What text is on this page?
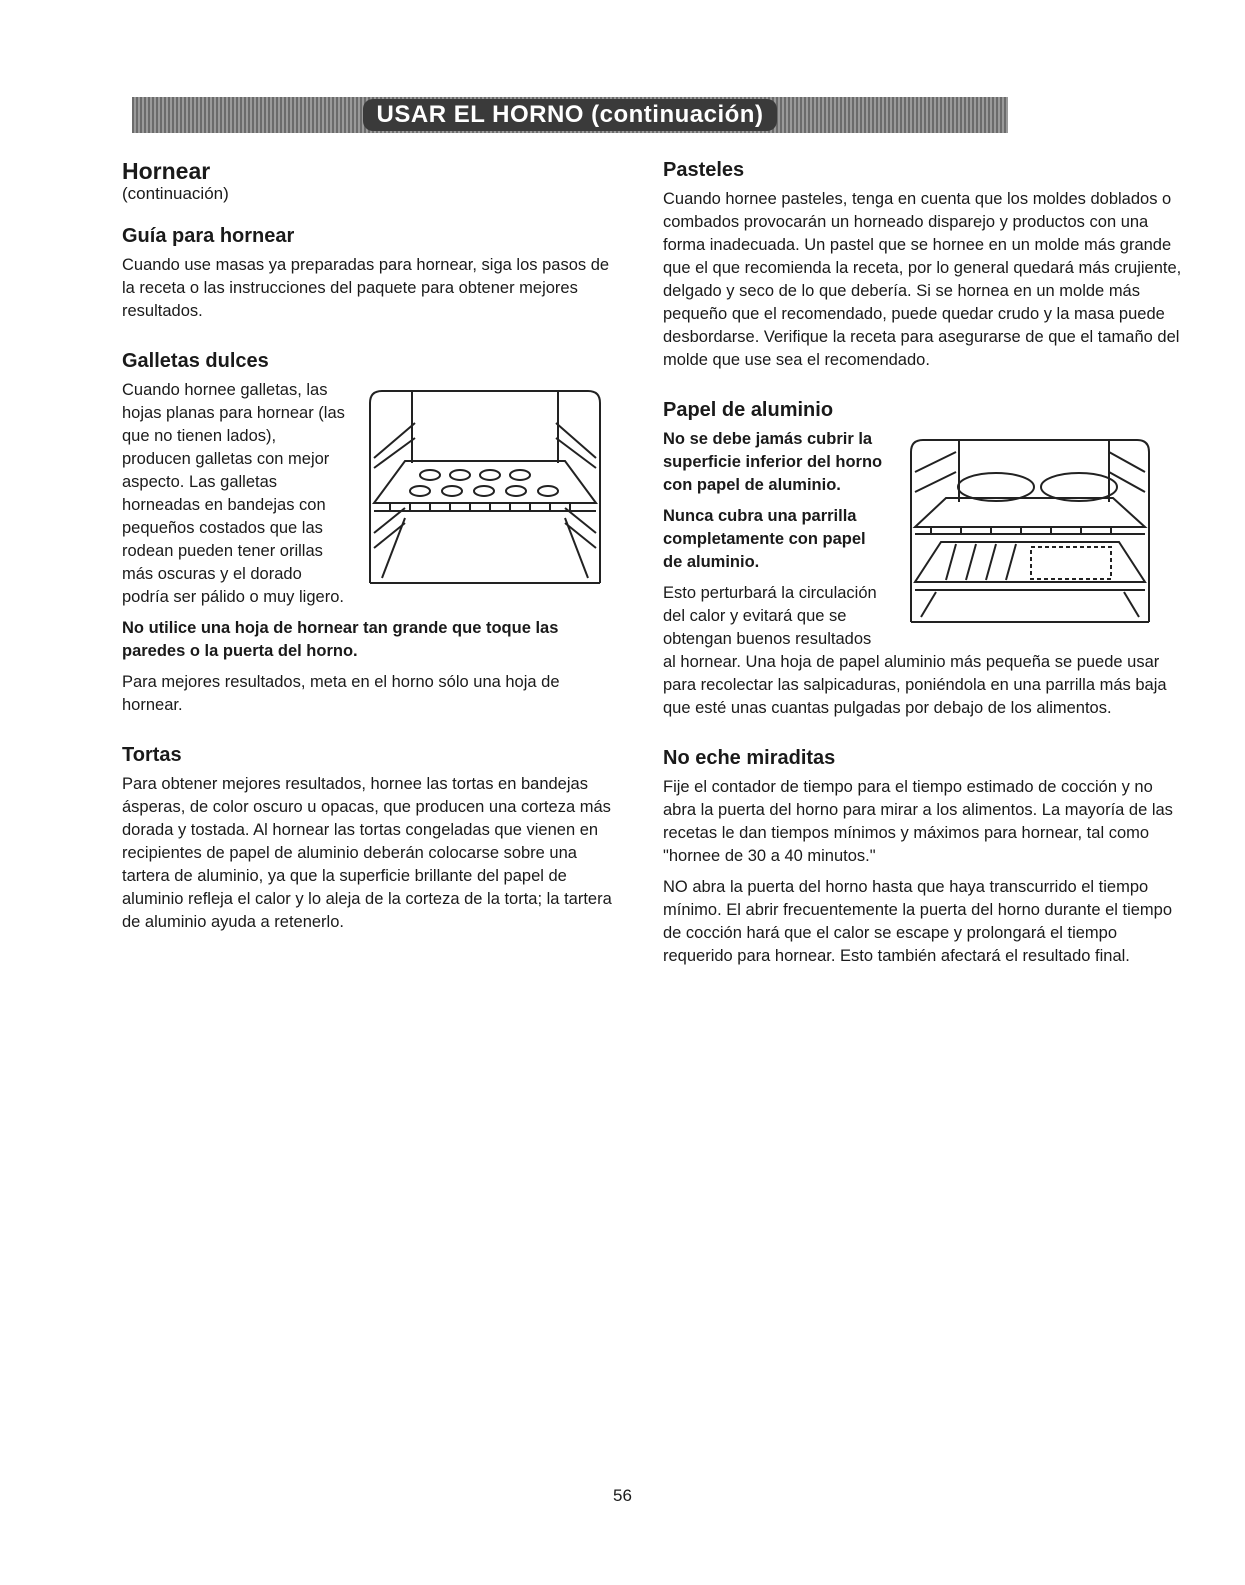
USAR EL HORNO (continuación)
Hornear
(continuación)
Guía para hornear

Cuando use masas ya preparadas para hornear, siga los pasos de la receta o las instrucciones del paquete para obtener mejores resultados.

Galletas dulces

Cuando hornee galletas, las hojas planas para hornear (las que no tienen lados), producen galletas con mejor aspecto. Las galletas horneadas en bandejas con pequeños costados que las rodean pueden tener orillas más oscuras y el dorado podría ser pálido o muy ligero.

No utilice una hoja de hornear tan grande que toque las paredes o la puerta del horno.

Para mejores resultados, meta en el horno sólo una hoja de hornear.

Tortas

Para obtener mejores resultados, hornee las tortas en bandejas ásperas, de color oscuro u opacas, que producen una corteza más dorada y tostada. Al hornear las tortas congeladas que vienen en recipientes de papel de aluminio deberán colocarse sobre una tartera de aluminio, ya que la superficie brillante del papel de aluminio refleja el calor y lo aleja de la corteza de la torta; la tartera de aluminio ayuda a retenerlo.

Pasteles

Cuando hornee pasteles, tenga en cuenta que los moldes doblados o combados provocarán un horneado disparejo y productos con una forma inadecuada. Un pastel que se hornee en un molde más grande que el que recomienda la receta, por lo general quedará más crujiente, delgado y seco de lo que debería. Si se hornea en un molde más pequeño que el recomendado, puede quedar crudo y la masa puede desbordarse. Verifique la receta para asegurarse de que el tamaño del molde que use sea el recomendado.

Papel de aluminio

No se debe jamás cubrir la superficie inferior del horno con papel de aluminio.

Nunca cubra una parrilla completamente con papel de aluminio.

Esto perturbará la circulación del calor y evitará que se obtengan buenos resultados al hornear. Una hoja de papel aluminio más pequeña se puede usar para recolectar las salpicaduras, poniéndola en una parrilla más baja que esté unas cuantas pulgadas por debajo de los alimentos.

No eche miraditas

Fije el contador de tiempo para el tiempo estimado de cocción y no abra la puerta del horno para mirar a los alimentos. La mayoría de las recetas le dan tiempos mínimos y máximos para hornear, tal como "hornee de 30 a 40 minutos."

NO abra la puerta del horno hasta que haya transcurrido el tiempo mínimo. El abrir frecuentemente la puerta del horno durante el tiempo de cocción hará que el calor se escape y prolongará el tiempo requerido para hornear. Esto también afectará el resultado final.

56
